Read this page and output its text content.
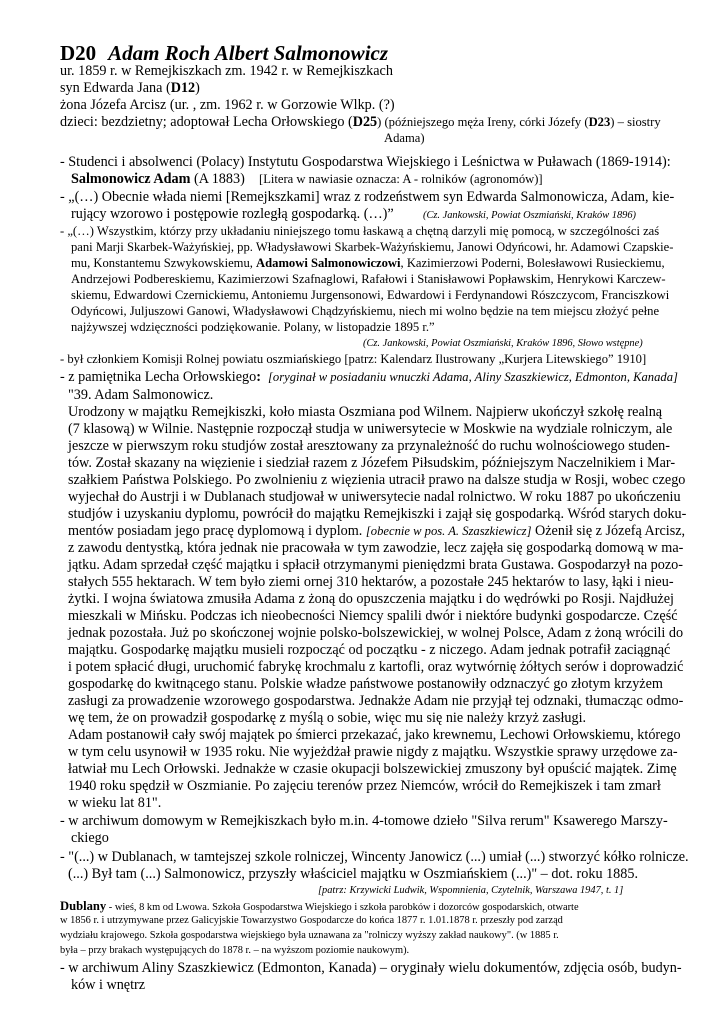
D20 Adam Roch Albert Salmonowicz
ur. 1859 r. w Remejkiszkach zm. 1942 r. w Remejkiszkach
syn Edwarda Jana (D12)
żona Józefa Arcisz (ur. , zm. 1962 r. w Gorzowie Wlkp. (?)
dzieci: bezdzietny; adoptował Lecha Orłowskiego (D25) (późniejszego męża Ireny, córki Józefy (D23) – siostry
Adama)
- Studenci i absolwenci (Polacy) Instytutu Gospodarstwa Wiejskiego i Leśnictwa w Puławach (1869-1914):
Salmonowicz Adam (A 1883) [Litera w nawiasie oznacza: A - rolników (agronomów)]
- „(…) Obecnie włada niemi [Remejkszkami] wraz z rodzeństwem syn Edwarda Salmonowicza, Adam, kie-
rujący wzorowo i postępowie rozległą gospodarką. (…)”	(Cz. Jankowski, Powiat Oszmiański, Kraków 1896)
- „(…) Wszystkim, którzy przy układaniu niniejszego tomu łaskawą a chętną darzyli mię pomocą, w szczególności zaś
pani Marji Skarbek-Ważyńskiej, pp. Władysławowi Skarbek-Ważyńskiemu, Janowi Odyńcowi, hr. Adamowi Czapskie-
mu, Konstantemu Szwykowskiemu, Adamowi Salmonowiczowi, Kazimierzowi Poderni, Bolesławowi Rusieckiemu,
Andrzejowi Podbereskiemu, Kazimierzowi Szafnaglowi, Rafałowi i Stanisławowi Popławskim, Henrykowi Karczew-
skiemu, Edwardowi Czernickiemu, Antoniemu Jurgensonowi, Edwardowi i Ferdynandowi Rószczycom, Franciszkowi
Odyńcowi, Juljuszowi Ganowi, Władysławowi Chądzyńskiemu, niech mi wolno będzie na tem miejscu złożyć pełne
najżywszej wdzięczności podziękowanie. Polany, w listopadzie 1895 r.”
(Cz. Jankowski, Powiat Oszmiański, Kraków 1896, Słowo wstępne)
- był członkiem Komisji Rolnej powiatu oszmiańskiego [patrz: Kalendarz Ilustrowany „Kurjera Litewskiego” 1910]
- z pamiętnika Lecha Orłowskiego: [oryginał w posiadaniu wnuczki Adama, Aliny Szaszkiewicz, Edmonton, Kanada]
"39. Adam Salmonowicz.
Urodzony w majątku Remejkiszki, koło miasta Oszmiana pod Wilnem. Najpierw ukończył szkołę realną
(7 klasową) w Wilnie. Następnie rozpoczął studja w uniwersytecie w Moskwie na wydziale rolniczym, ale
jeszcze w pierwszym roku studjów został aresztowany za przynależność do ruchu wolnościowego studen-
tów. Został skazany na więzienie i siedział razem z Józefem Piłsudskim, późniejszym Naczelnikiem i Mar-
szałkiem Państwa Polskiego. Po zwolnieniu z więzienia utracił prawo na dalsze studja w Rosji, wobec czego
wyjechał do Austrji i w Dublanach studjował w uniwersytecie nadal rolnictwo. W roku 1887 po ukończeniu
studjów i uzyskaniu dyplomu, powrócił do majątku Remejkiszki i zajął się gospodarką. Wśród starych doku-
mentów posiadam jego pracę dyplomową i dyplom. [obecnie w pos. A. Szaszkiewicz] Ożenił się z Józefą Arcisz,
z zawodu dentystką, która jednak nie pracowała w tym zawodzie, lecz zajęła się gospodarką domową w ma-
jątku. Adam sprzedał część majątku i spłacił otrzymanymi pieniędzmi brata Gustawa. Gospodarzył na pozo-
stałych 555 hektarach. W tem było ziemi ornej 310 hektarów, a pozostałe 245 hektarów to lasy, łąki i nieu-
żytki. I wojna światowa zmusiła Adama z żoną do opuszczenia majątku i do wędrówki po Rosji. Najdłużej
mieszkali w Mińsku. Podczas ich nieobecności Niemcy spalili dwór i niektóre budynki gospodarcze. Część
jednak pozostała. Już po skończonej wojnie polsko-bolszewickiej, w wolnej Polsce, Adam z żoną wrócili do
majątku. Gospodarkę majątku musieli rozpocząć od początku - z niczego. Adam jednak potrafił zaciągnąć
i potem spłacić długi, uruchomić fabrykę krochmalu z kartofli, oraz wytwórnię żółtych serów i doprowadzić
gospodarkę do kwitnącego stanu. Polskie władze państwowe postanowiły odznaczyć go złotym krzyżem
zasługi za prowadzenie wzorowego gospodarstwa. Jednakże Adam nie przyjął tej odznaki, tłumacząc odmo-
wę tem, że on prowadził gospodarkę z myślą o sobie, więc mu się nie należy krzyż zasługi.
Adam postanowił cały swój majątek po śmierci przekazać, jako krewnemu, Lechowi Orłowskiemu, którego
w tym celu usynowił w 1935 roku. Nie wyjeżdżał prawie nigdy z majątku. Wszystkie sprawy urzędowe za-
łatwiał mu Lech Orłowski. Jednakże w czasie okupacji bolszewickiej zmuszony był opuścić majątek. Zimę
1940 roku spędził w Oszmianie. Po zajęciu terenów przez Niemców, wrócił do Remejkiszek i tam zmarł
w wieku lat 81".
- w archiwum domowym w Remejkiszkach było m.in. 4-tomowe dzieło "Silva rerum" Ksawerego Marszy-
ckiego
- "(...) w Dublanach, w tamtejszej szkole rolniczej, Wincenty Janowicz (...) umiał (...) stworzyć kółko rolnicze.
(...) Był tam (...) Salmonowicz, przyszły właściciel majątku w Oszmiańskiem (...)" – dot. roku 1885.
[patrz: Krzywicki Ludwik, Wspomnienia, Czytelnik, Warszawa 1947, t. 1]
Dublany - wieś, 8 km od Lwowa. Szkoła Gospodarstwa Wiejskiego i szkoła parobków i dozorców gospodarskich, otwarte
w 1856 r. i utrzymywane przez Galicyjskie Towarzystwo Gospodarcze do końca 1877 r. 1.01.1878 r. przeszły pod zarząd
wydziału krajowego. Szkoła gospodarstwa wiejskiego była uznawana za "rolniczy wyższy zakład naukowy". (w 1885 r.
była – przy brakach występujących do 1878 r. – na wyższom poziomie naukowym).
- w archiwum Aliny Szaszkiewicz (Edmonton, Kanada) – oryginały wielu dokumentów, zdjęcia osób, budyn-
ków i wnętrz
